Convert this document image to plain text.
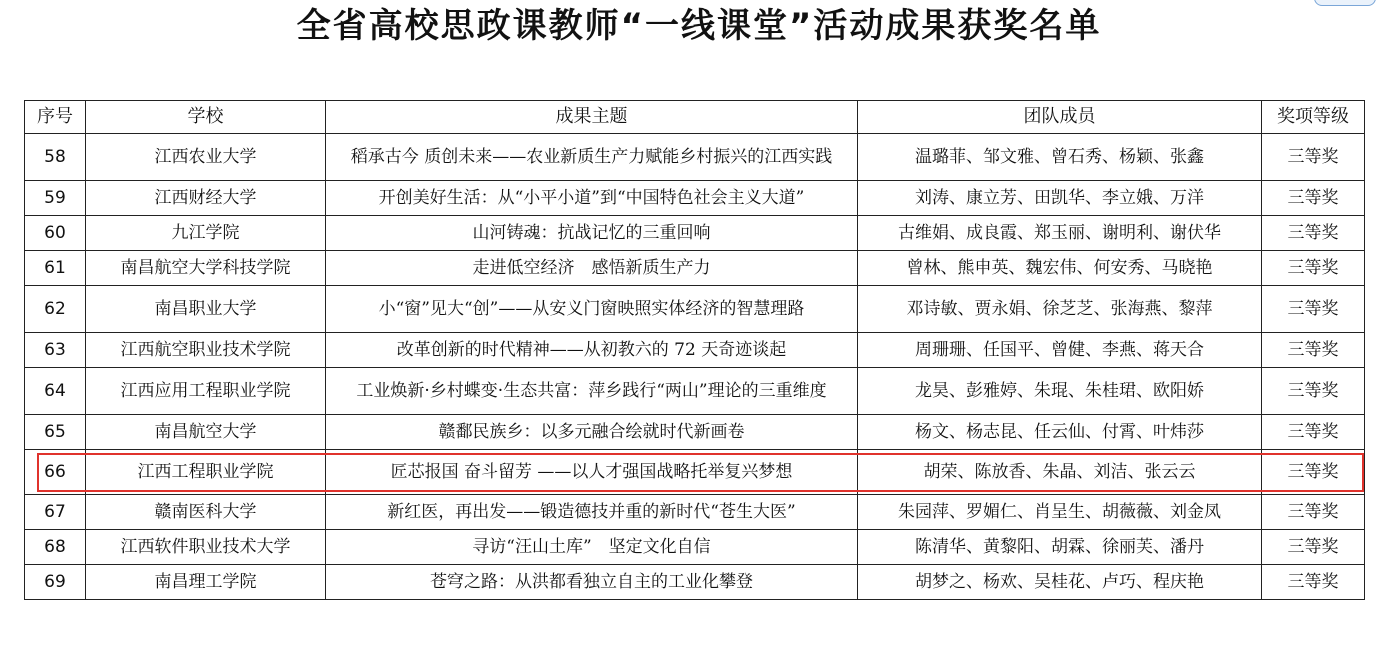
全省高校思政课教师“一线课堂”活动成果获奖名单
序号	学校	成果主题	团队成员	奖项等级
58	江西农业大学	稻承古今 质创未来——农业新质生产力赋能乡村振兴的江西实践	温璐菲、邹文雅、曾石秀、杨颖、张鑫	三等奖
59	江西财经大学	开创美好生活：从“小平小道”到“中国特色社会主义大道”	刘涛、康立芳、田凯华、李立娥、万洋	三等奖
60	九江学院	山河铸魂：抗战记忆的三重回响	古维娟、成良霞、郑玉丽、谢明利、谢伏华	三等奖
61	南昌航空大学科技学院	走进低空经济　感悟新质生产力	曾林、熊申英、魏宏伟、何安秀、马晓艳	三等奖
62	南昌职业大学	小“窗”见大“创”——从安义门窗映照实体经济的智慧理路	邓诗敏、贾永娟、徐芝芝、张海燕、黎萍	三等奖
63	江西航空职业技术学院	改革创新的时代精神——从初教六的 72 天奇迹谈起	周珊珊、任国平、曾健、李燕、蒋天合	三等奖
64	江西应用工程职业学院	工业焕新·乡村蝶变·生态共富：萍乡践行“两山”理论的三重维度	龙昊、彭雅婷、朱琨、朱桂珺、欧阳娇	三等奖
65	南昌航空大学	赣鄱民族乡：以多元融合绘就时代新画卷	杨文、杨志昆、任云仙、付霄、叶炜莎	三等奖
66	江西工程职业学院	匠芯报国 奋斗留芳 ——以人才强国战略托举复兴梦想	胡荣、陈放香、朱晶、刘洁、张云云	三等奖
67	赣南医科大学	新红医，再出发——锻造德技并重的新时代“苍生大医”	朱园萍、罗媚仁、肖呈生、胡薇薇、刘金凤	三等奖
68	江西软件职业技术大学	寻访“汪山土库”　坚定文化自信	陈清华、黄黎阳、胡霖、徐丽芙、潘丹	三等奖
69	南昌理工学院	苍穹之路：从洪都看独立自主的工业化攀登	胡梦之、杨欢、吴桂花、卢巧、程庆艳	三等奖
